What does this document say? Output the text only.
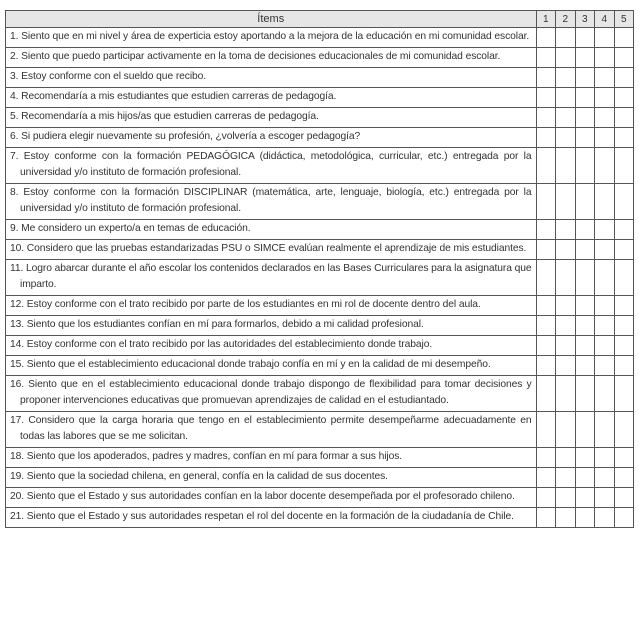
Ítems	1	2	3	4	5
1. Siento que en mi nivel y área de experticia estoy aportando a la mejora de la educación en mi comunidad escolar.					
2. Siento que puedo participar activamente en la toma de decisiones educacionales de mi comunidad escolar.					
3. Estoy conforme con el sueldo que recibo.					
4. Recomendaría a mis estudiantes que estudien carreras de pedagogía.					
5. Recomendaría a mis hijos/as que estudien carreras de pedagogía.					
6. Si pudiera elegir nuevamente su profesión, ¿volvería a escoger pedagogía?					
7. Estoy conforme con la formación PEDAGÓGICA (didáctica, metodológica, curricular, etc.) entregada por la universidad y/o instituto de formación profesional.					
8. Estoy conforme con la formación DISCIPLINAR (matemática, arte, lenguaje, biología, etc.) entregada por la universidad y/o instituto de formación profesional.					
9. Me considero un experto/a en temas de educación.					
10. Considero que las pruebas estandarizadas PSU o SIMCE evalúan realmente el aprendizaje de mis estudiantes.					
11. Logro abarcar durante el año escolar los contenidos declarados en las Bases Curriculares para la asignatura que imparto.					
12. Estoy conforme con el trato recibido por parte de los estudiantes en mi rol de docente dentro del aula.					
13. Siento que los estudiantes confían en mí para formarlos, debido a mi calidad profesional.					
14. Estoy conforme con el trato recibido por las autoridades del establecimiento donde trabajo.					
15. Siento que el establecimiento educacional donde trabajo confía en mí y en la calidad de mi desempeño.					
16. Siento que en el establecimiento educacional donde trabajo dispongo de flexibilidad para tomar decisiones y proponer intervenciones educativas que promuevan aprendizajes de calidad en el estudiantado.					
17. Considero que la carga horaria que tengo en el establecimiento permite desempeñarme adecuadamente en todas las labores que se me solicitan.					
18. Siento que los apoderados, padres y madres, confían en mí para formar a sus hijos.					
19. Siento que la sociedad chilena, en general, confía en la calidad de sus docentes.					
20. Siento que el Estado y sus autoridades confían en la labor docente desempeñada por el profesorado chileno.					
21. Siento que el Estado y sus autoridades respetan el rol del docente en la formación de la ciudadanía de Chile.					
